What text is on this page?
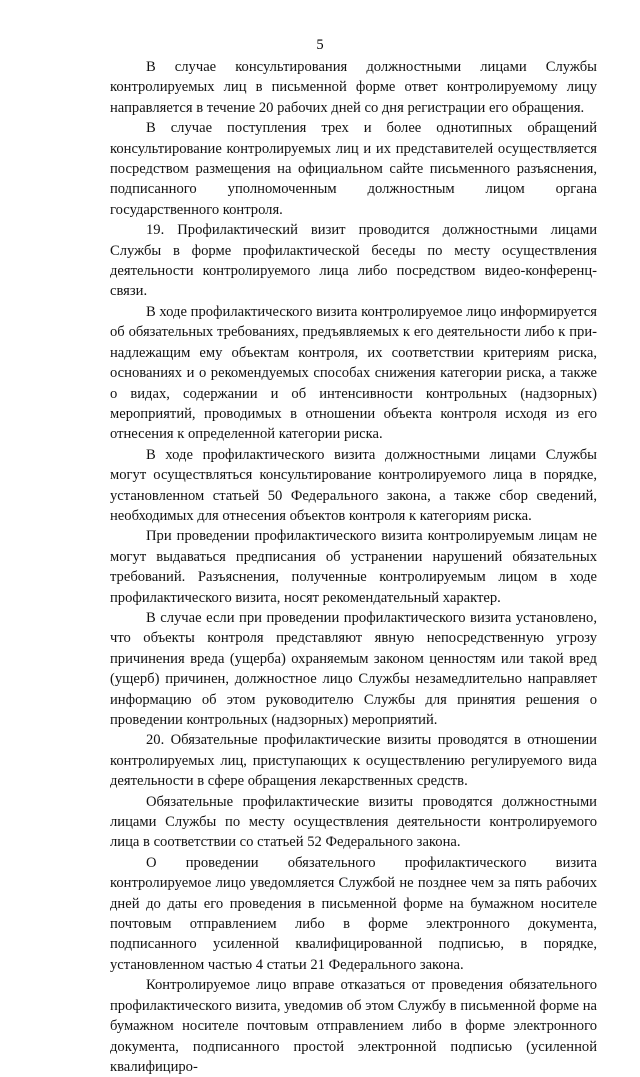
5

В случае консультирования должностными лицами Службы контролируемых лиц в письменной форме ответ контролируемому лицу направляется в течение 20 рабочих дней со дня регистрации его обращения.

В случае поступления трех и более однотипных обращений консультирование контролируемых лиц и их представителей осуществляется посредством размещения на официальном сайте письменного разъяснения, подписанного уполномоченным должностным лицом органа государственного контроля.

19. Профилактический визит проводится должностными лицами Службы в форме профилактической беседы по месту осуществления деятельности контролируемого лица либо посредством видео-конференц-связи.

В ходе профилактического визита контролируемое лицо информируется об обязательных требованиях, предъявляемых к его деятельности либо к принадлежащим ему объектам контроля, их соответствии критериям риска, основаниях и о рекомендуемых способах снижения категории риска, а также о видах, содержании и об интенсивности контрольных (надзорных) мероприятий, проводимых в отношении объекта контроля исходя из его отнесения к определенной категории риска.

В ходе профилактического визита должностными лицами Службы могут осуществляться консультирование контролируемого лица в порядке, установленном статьей 50 Федерального закона, а также сбор сведений, необходимых для отнесения объектов контроля к категориям риска.

При проведении профилактического визита контролируемым лицам не могут выдаваться предписания об устранении нарушений обязательных требований. Разъяснения, полученные контролируемым лицом в ходе профилактического визита, носят рекомендательный характер.

В случае если при проведении профилактического визита установлено, что объекты контроля представляют явную непосредственную угрозу причинения вреда (ущерба) охраняемым законом ценностям или такой вред (ущерб) причинен, должностное лицо Службы незамедлительно направляет информацию об этом руководителю Службы для принятия решения о проведении контрольных (надзорных) мероприятий.

20. Обязательные профилактические визиты проводятся в отношении контролируемых лиц, приступающих к осуществлению регулируемого вида деятельности в сфере обращения лекарственных средств.

Обязательные профилактические визиты проводятся должностными лицами Службы по месту осуществления деятельности контролируемого лица в соответствии со статьей 52 Федерального закона.

О проведении обязательного профилактического визита контролируемое лицо уведомляется Службой не позднее чем за пять рабочих дней до даты его проведения в письменной форме на бумажном носителе почтовым отправлением либо в форме электронного документа, подписанного усиленной квалифицированной подписью, в порядке, установленном частью 4 статьи 21 Федерального закона.

Контролируемое лицо вправе отказаться от проведения обязательного профилактического визита, уведомив об этом Службу в письменной форме на бумажном носителе почтовым отправлением либо в форме электронного документа, подписанного простой электронной подписью (усиленной квалифициро-
